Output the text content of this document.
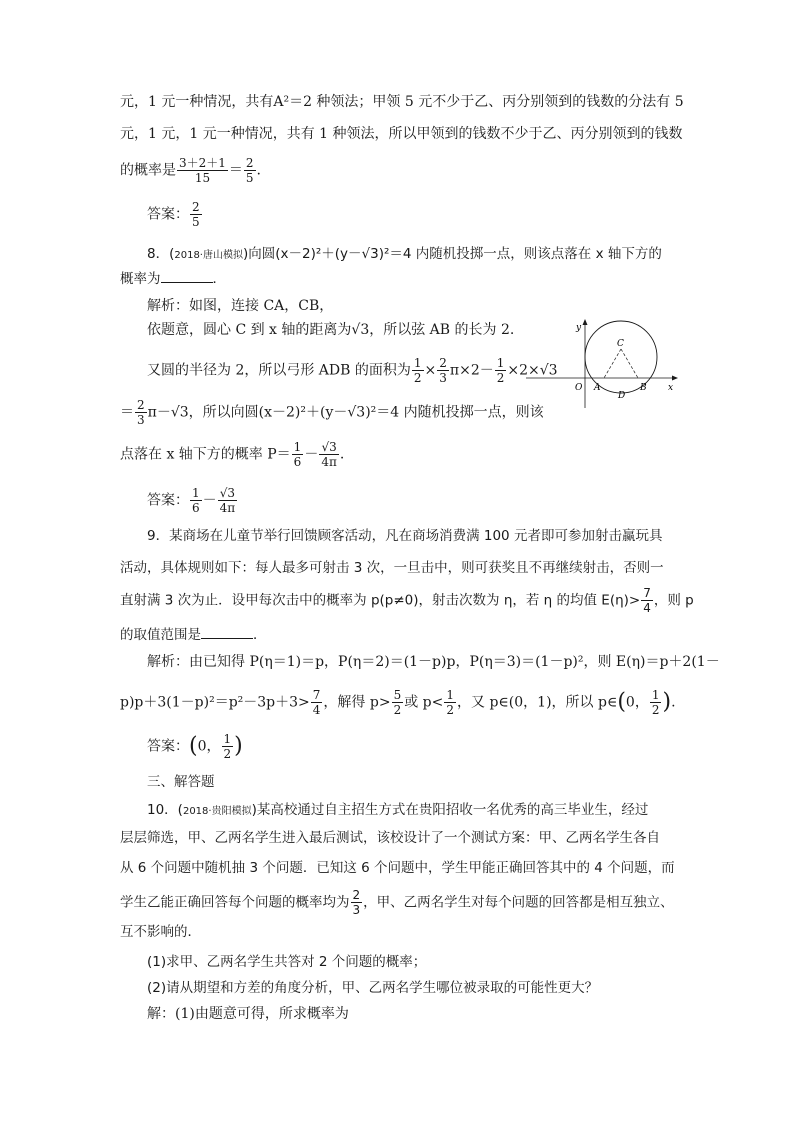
元，1 元一种情况，共有A²＝2 种领法；甲领 5 元不少于乙、丙分别领到的钱数的分法有 5
元，1 元，1 元一种情况，共有 1 种领法，所以甲领到的钱数不少于乙、丙分别领到的钱数
的概率是 $\frac{3+2+1}{15} = \frac{2}{5}$ .
答案： $\frac{2}{5}$
8．(2018·唐山模拟)向圆(x－2)²＋(y－√3)²＝4 内随机投掷一点，则该点落在 x 轴下方的
概率为	．
解析：如图，连接 CA，CB，
依题意，圆心 C 到 x 轴的距离为√3，所以弦 AB 的长为 2.
又圆的半径为 2，所以弓形 ADB 的面积为 $\frac{1}{2} \times \frac{2}{3} \pi\times 2- \frac{1}{2} \times 2\times√3$
＝ $\frac{2}{3} \pi-√3$，所以向圆(x－2)²＋(y－√3)²＝4 内随机投掷一点，则该
点落在 x 轴下方的概率 $P= \frac{1}{6} - \frac{√3}{4\pi}$ .
答案： $\frac{1}{6} - \frac{√3}{4\pi}$
y
x
O A	B
C
D
9．某商场在儿童节举行回馈顾客活动，凡在商场消费满 100 元者即可参加射击赢玩具
活动，具体规则如下：每人最多可射击 3 次，一旦击中，则可获奖且不再继续射击，否则一
直射满 3 次为止．设甲每次击中的概率为 p(p≠0)，射击次数为 η，若 η 的均值 $E(\eta)> \frac{7}{4}$ ，则 p
的取值范围是	．
解析：由已知得 P(η＝1)＝p，P(η＝2)＝(1－p)p，P(η＝3)＝(1－p)²，则 E(η)＝p＋2(1－
$p)p+3(1-p)^2=p^2-3p+3> \frac{7}{4}$ ，解得 $p> \frac{5}{2}$ 或 $p< \frac{1}{2}$ ，又 p∈(0，1)，所以 p∈(0， $\frac{1}{2}$ ).
答案：(0， $\frac{1}{2}$ )
三、解答题
10．(2018·贵阳模拟)某高校通过自主招生方式在贵阳招收一名优秀的高三毕业生，经过
层层筛选，甲、乙两名学生进入最后测试，该校设计了一个测试方案：甲、乙两名学生各自
从 6 个问题中随机抽 3 个问题．已知这 6 个问题中，学生甲能正确回答其中的 4 个问题，而
学生乙能正确回答每个问题的概率均为 $\frac{2}{3}$ ，甲、乙两名学生对每个问题的回答都是相互独立、
互不影响的．
(1)求甲、乙两名学生共答对 2 个问题的概率；
(2)请从期望和方差的角度分析，甲、乙两名学生哪位被录取的可能性更大？
解：(1)由题意可得，所求概率为
